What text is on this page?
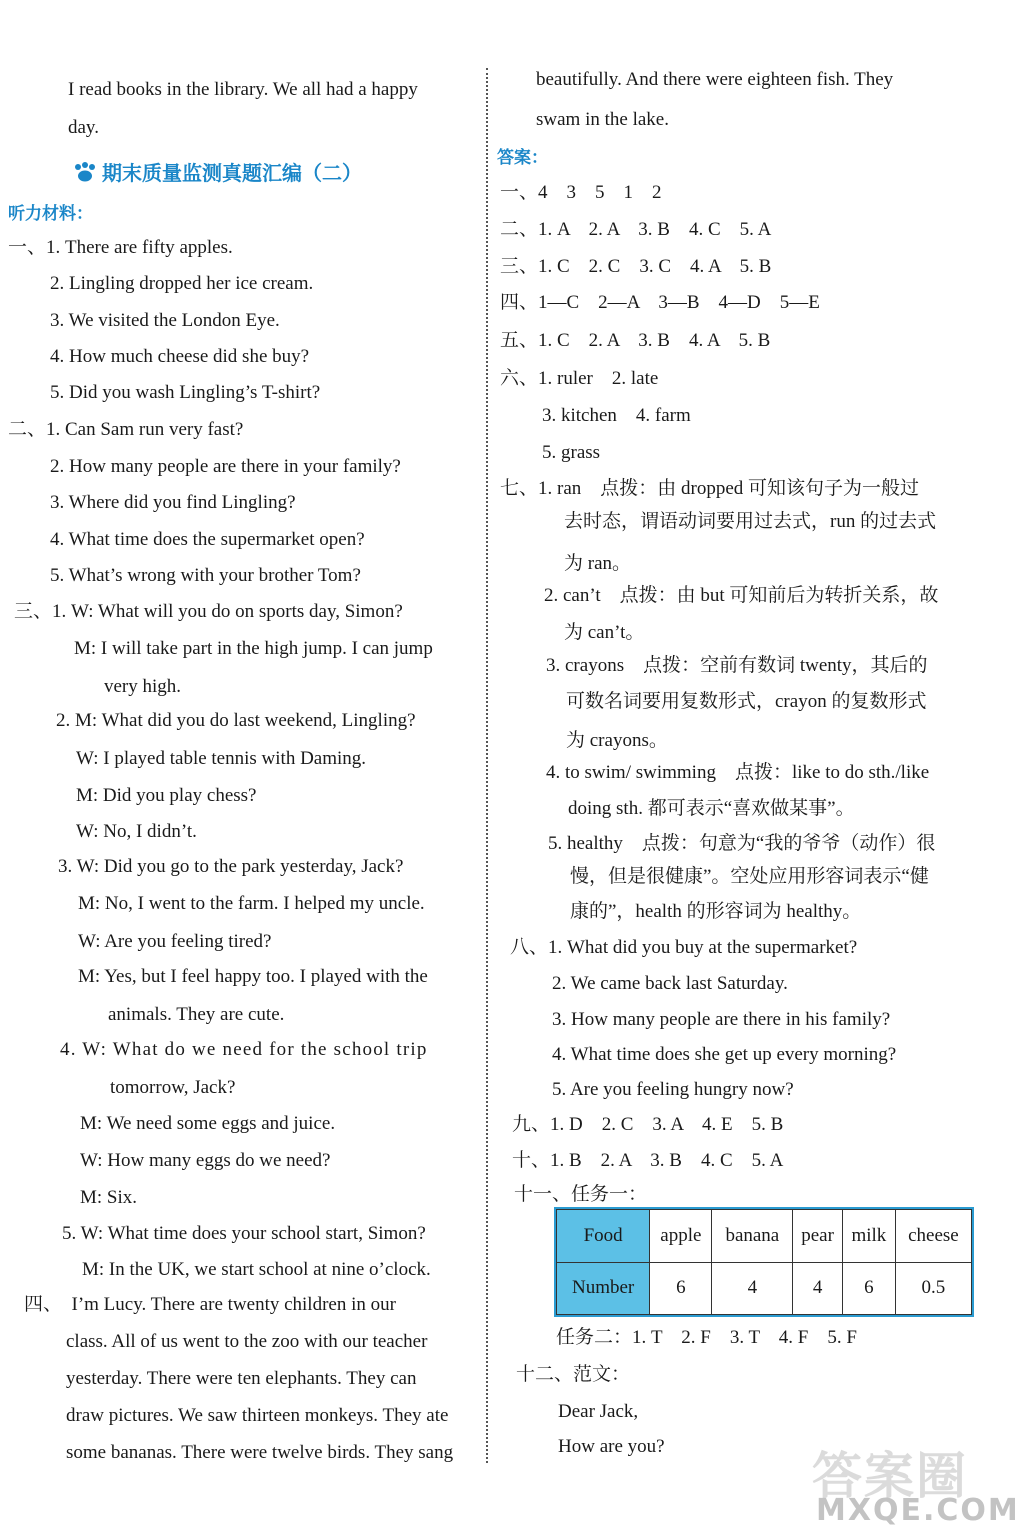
I read books in the library. We all had a happy
day.
期末质量监测真题汇编（二）
听力材料：
一、1. There are fifty apples.
2. Lingling dropped her ice cream.
3. We visited the London Eye.
4. How much cheese did she buy?
5. Did you wash Lingling’s T-shirt?
二、1. Can Sam run very fast?
2. How many people are there in your family?
3. Where did you find Lingling?
4. What time does the supermarket open?
5. What’s wrong with your brother Tom?
三、1. W: What will you do on sports day, Simon?
M: I will take part in the high jump. I can jump
very high.
2. M: What did you do last weekend, Lingling?
W: I played table tennis with Daming.
M: Did you play chess?
W: No, I didn’t.
3. W: Did you go to the park yesterday, Jack?
M: No, I went to the farm. I helped my uncle.
W: Are you feeling tired?
M: Yes, but I feel happy too. I played with the
animals. They are cute.
4. W: What do we need for the school trip
tomorrow, Jack?
M: We need some eggs and juice.
W: How many eggs do we need?
M: Six.
5. W: What time does your school start, Simon?
M: In the UK, we start school at nine o’clock.
四、　I’m Lucy. There are twenty children in our
class. All of us went to the zoo with our teacher
yesterday. There were ten elephants. They can
draw pictures. We saw thirteen monkeys. They ate
some bananas. There were twelve birds. They sang
beautifully. And there were eighteen fish. They
swam in the lake.
答案：
一、4　3　5　1　2
二、1. A　2. A　3. B　4. C　5. A
三、1. C　2. C　3. C　4. A　5. B
四、1—C　2—A　3—B　4—D　5—E
五、1. C　2. A　3. B　4. A　5. B
六、1. ruler　2. late
3. kitchen　4. farm
5. grass
七、1. ran　点拨：由 dropped 可知该句子为一般过
去时态，谓语动词要用过去式，run 的过去式
为 ran。
2. can’t　点拨：由 but 可知前后为转折关系，故
为 can’t。
3. crayons　点拨：空前有数词 twenty，其后的
可数名词要用复数形式，crayon 的复数形式
为 crayons。
4. to swim/ swimming　点拨：like to do sth./like
doing sth. 都可表示“喜欢做某事”。
5. healthy　点拨：句意为“我的爷爷（动作）很
慢，但是很健康”。空处应用形容词表示“健
康的”，health 的形容词为 healthy。
八、1. What did you buy at the supermarket?
2. We came back last Saturday.
3. How many people are there in his family?
4. What time does she get up every morning?
5. Are you feeling hungry now?
九、1. D　2. C　3. A　4. E　5. B
十、1. B　2. A　3. B　4. C　5. A
十一、任务一：
Food	apple	banana	pear	milk	cheese
Number	6	4	4	6	0.5
任务二：1. T　2. F　3. T　4. F　5. F
十二、范文：
Dear Jack,
How are you?
答案圈
MXQE.COM
